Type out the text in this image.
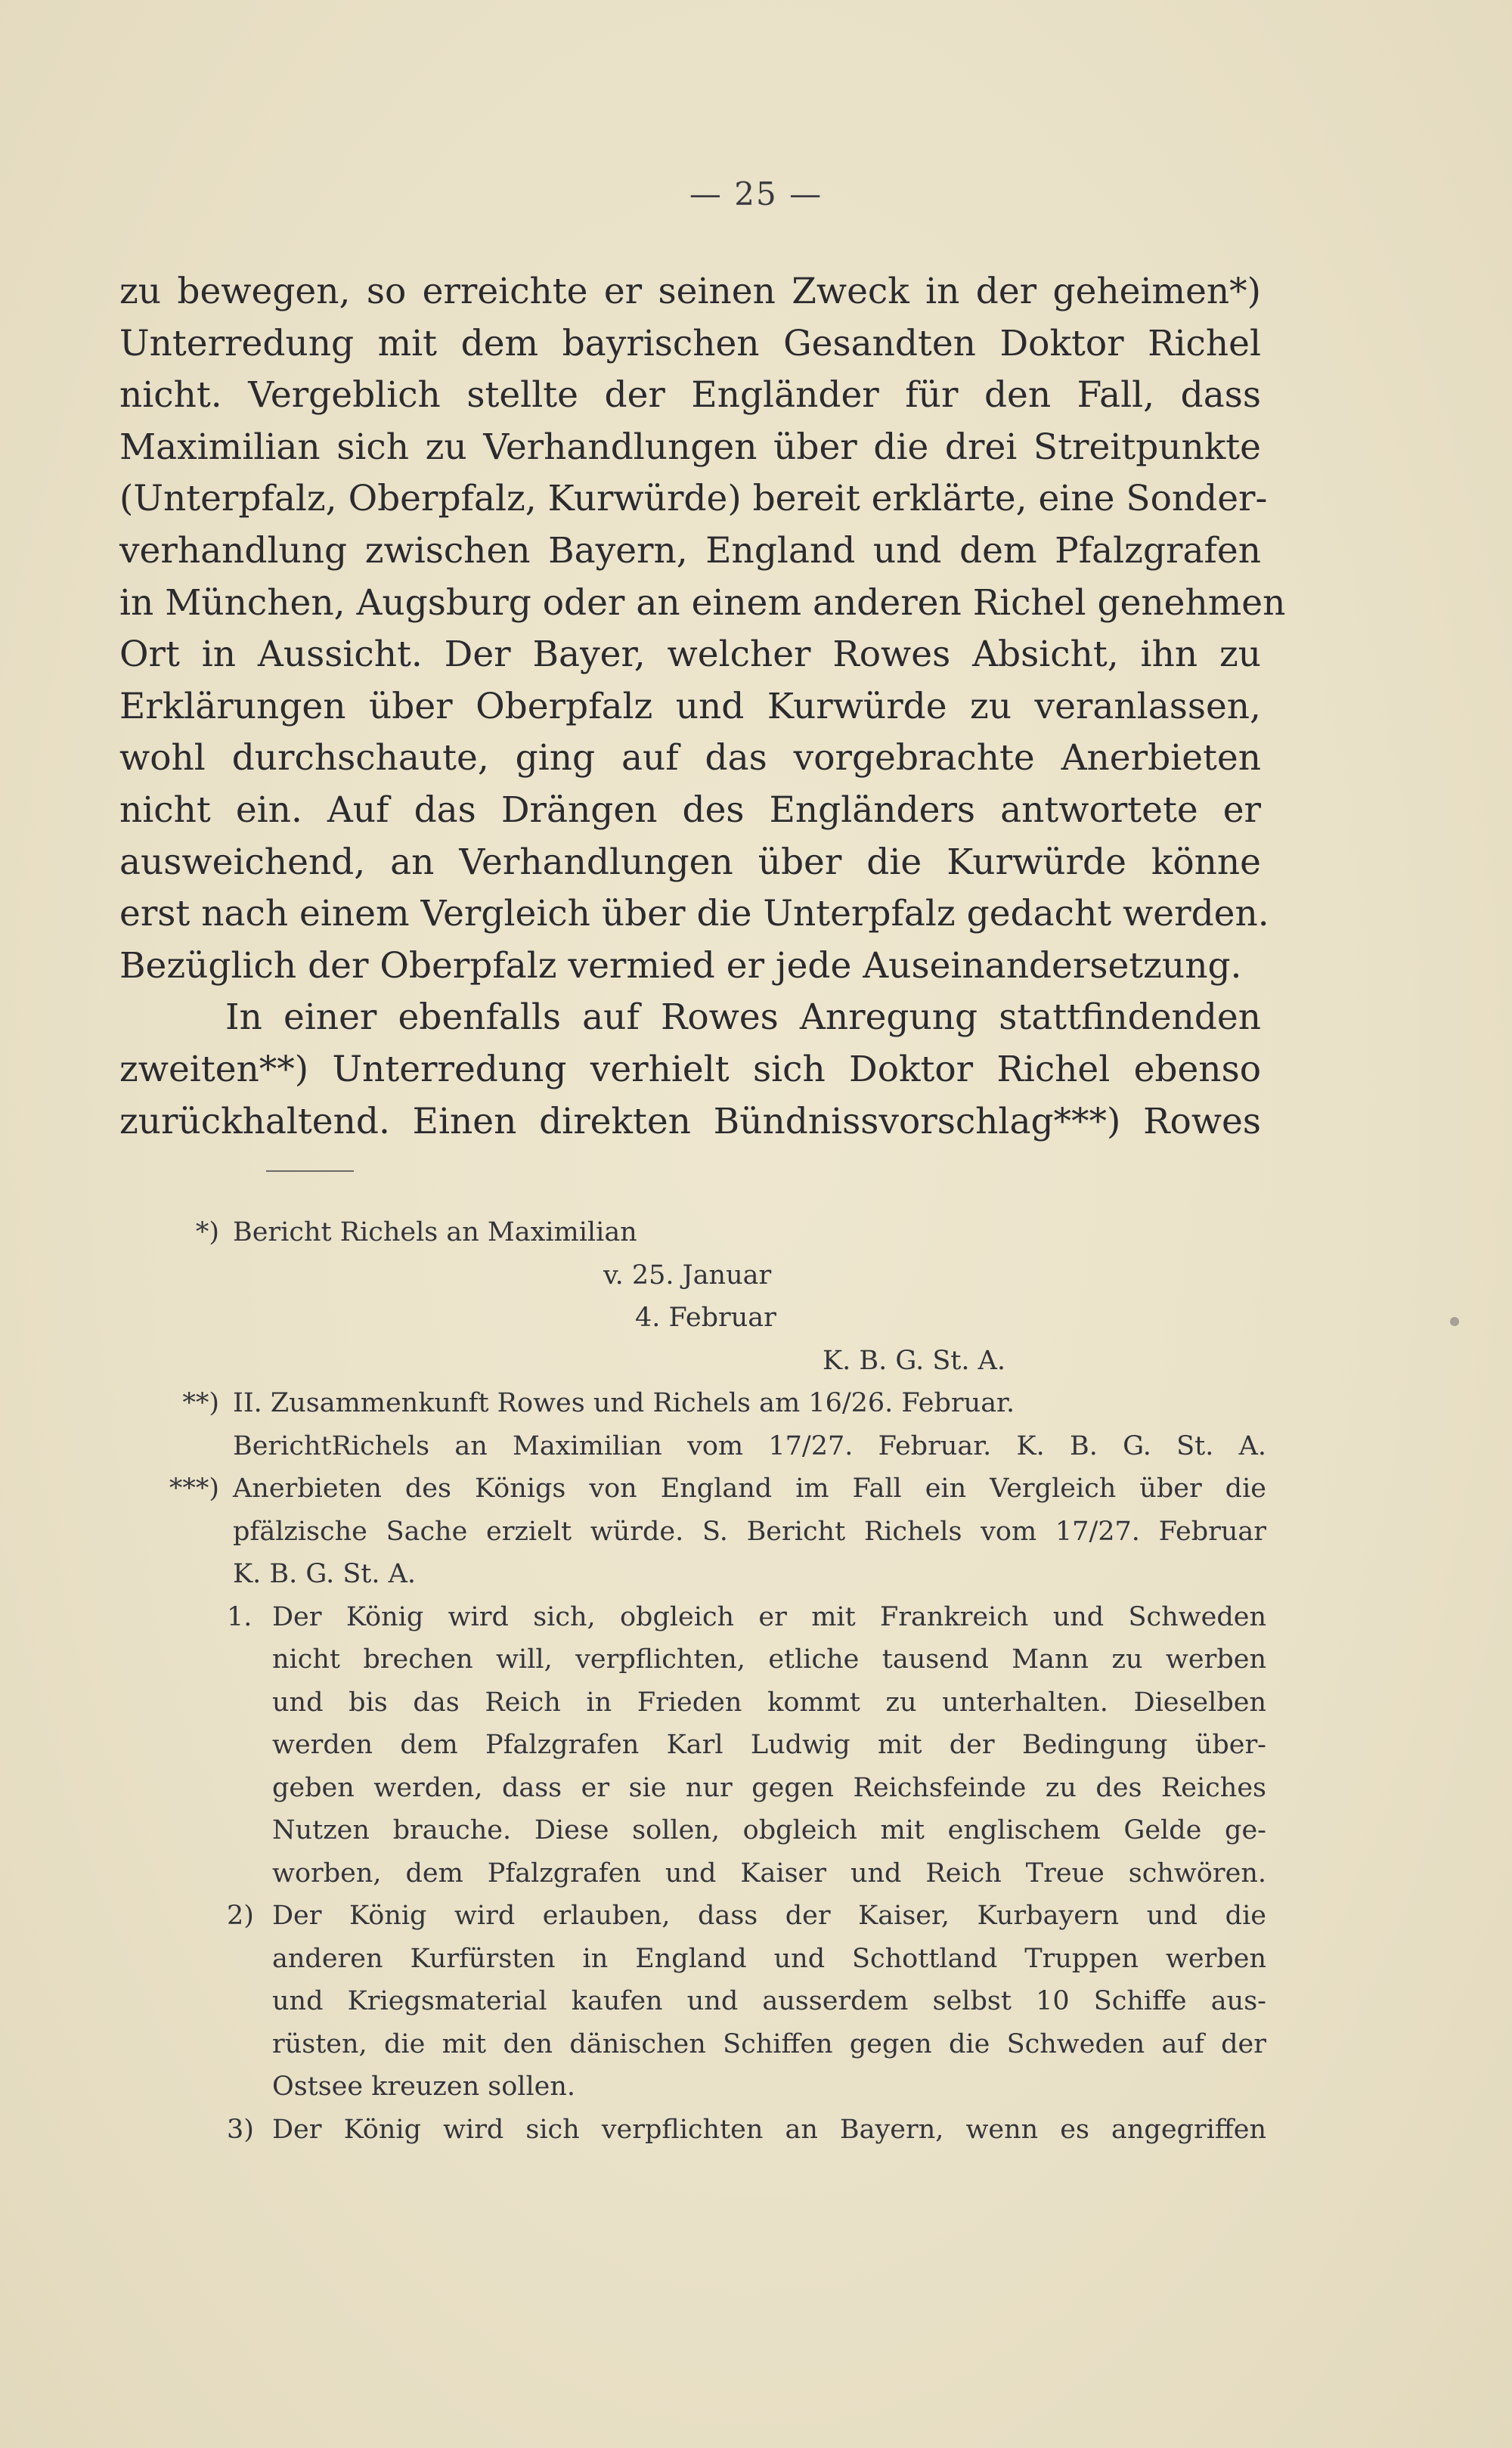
— 25 —
zu bewegen, so erreichte er seinen Zweck in der geheimen*)
Unterredung mit dem bayrischen Gesandten Doktor Richel
nicht. Vergeblich stellte der Engländer für den Fall, dass
Maximilian sich zu Verhandlungen über die drei Streitpunkte
(Unterpfalz, Oberpfalz, Kurwürde) bereit erklärte, eine Sonder-
verhandlung zwischen Bayern, England und dem Pfalzgrafen
in München, Augsburg oder an einem anderen Richel genehmen
Ort in Aussicht. Der Bayer, welcher Rowes Absicht, ihn zu
Erklärungen über Oberpfalz und Kurwürde zu veranlassen,
wohl durchschaute, ging auf das vorgebrachte Anerbieten
nicht ein. Auf das Drängen des Engländers antwortete er
ausweichend, an Verhandlungen über die Kurwürde könne
erst nach einem Vergleich über die Unterpfalz gedacht werden.
Bezüglich der Oberpfalz vermied er jede Auseinandersetzung.
In einer ebenfalls auf Rowes Anregung stattfindenden
zweiten**) Unterredung verhielt sich Doktor Richel ebenso
zurückhaltend. Einen direkten Bündnissvorschlag***) Rowes
*) Bericht Richels an Maximilian
v. 25. Januar
4. Februar
K. B. G. St. A.
**) II. Zusammenkunft Rowes und Richels am 16/26. Februar.
BerichtRichels an Maximilian vom 17/27. Februar. K. B. G. St. A.
***) Anerbieten des Königs von England im Fall ein Vergleich über die
pfälzische Sache erzielt würde. S. Bericht Richels vom 17/27. Februar
K. B. G. St. A.
1. Der König wird sich, obgleich er mit Frankreich und Schweden
nicht brechen will, verpflichten, etliche tausend Mann zu werben
und bis das Reich in Frieden kommt zu unterhalten. Dieselben
werden dem Pfalzgrafen Karl Ludwig mit der Bedingung über-
geben werden, dass er sie nur gegen Reichsfeinde zu des Reiches
Nutzen brauche. Diese sollen, obgleich mit englischem Gelde ge-
worben, dem Pfalzgrafen und Kaiser und Reich Treue schwören.
2) Der König wird erlauben, dass der Kaiser, Kurbayern und die
anderen Kurfürsten in England und Schottland Truppen werben
und Kriegsmaterial kaufen und ausserdem selbst 10 Schiffe aus-
rüsten, die mit den dänischen Schiffen gegen die Schweden auf der
Ostsee kreuzen sollen.
3) Der König wird sich verpflichten an Bayern, wenn es angegriffen
